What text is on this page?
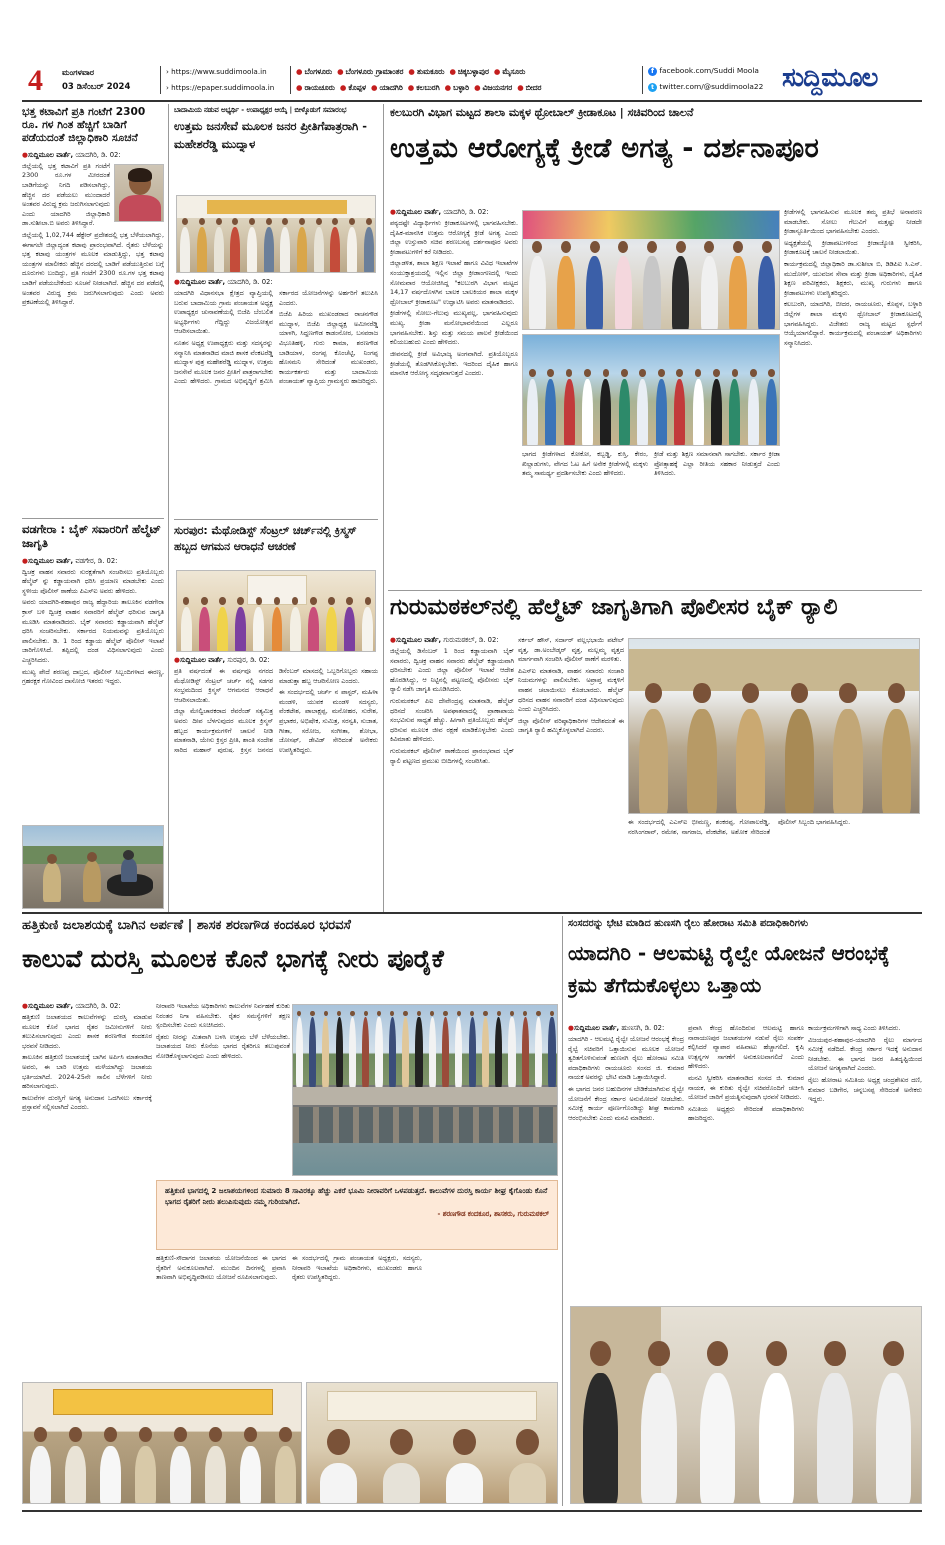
4 ಮಂಗಳವಾರ
03 ಡಿಸೆಂಬರ್ 2024
› https://www.suddimoola.in
› https://epaper.suddimoola.in
● ಬೆಂಗಳೂರು ● ಬೆಂಗಳೂರು ಗ್ರಾಮಾಂತರ ● ತುಮಕೂರು ● ಚಿಕ್ಕಬಳ್ಳಾಪುರ ● ಮೈಸೂರು
● ರಾಯಚೂರು ● ಕೊಪ್ಪಳ ● ಯಾದಗಿರಿ ● ಕಲಬುರಗಿ ● ಬಳ್ಳಾರಿ ● ವಿಜಯನಗರ ● ಬೀದರ
f facebook.com/Suddi Moola
t twitter.com/@suddimoola22 ಸುದ್ದಿಮೂಲ
ಭತ್ತ ಕಟಾವಿಗೆ ಪ್ರತಿ ಗಂಟೆಗೆ 2300 ರೂ. ಗಳ ಗಿಂತ ಹೆಚ್ಚಿಗೆ ಬಾಡಿಗೆ ಪಡೆಯದಂತೆ ಜಿಲ್ಲಾಧಿಕಾರಿ ಸೂಚನೆ
●ಸುದ್ದಿಮೂಲ ವಾರ್ತೆ, ಯಾದಗಿರಿ, ಡಿ. 02:

ಜಿಲ್ಲೆಯಲ್ಲಿ ಭತ್ತ ಕಟಾವಿಗೆ ಪ್ರತಿ ಗಂಟೆಗೆ 2300 ರೂ.ಗಳ ಮೀರದಂತೆ ಬಾಡಿಗೆಯನ್ನು ನಿಗದಿ ಪಡಿಸಲಾಗಿದ್ದು, ಹೆಚ್ಚಿನ ದರ ಪಡೆಯಲು ಮುಂದಾದರೆ ಅಂತವರ ವಿರುದ್ಧ ಕ್ರಮ ಜರುಗಿಸಲಾಗುವುದು ಎಂದು ಯಾದಗಿರಿ ಜಿಲ್ಲಾಧಿಕಾರಿ ಡಾ.ಸುಶೀಲಾ.ಬಿ ಅವರು ತಿಳಿಸಿದ್ದಾರೆ.

ಜಿಲ್ಲೆಯಲ್ಲಿ 1,02,744 ಹೆಕ್ಟೇರ್ ಪ್ರದೇಶದಲ್ಲಿ ಭತ್ತ ಬೆಳೆಯಲಾಗಿದ್ದು, ಈಗಾಗಲೇ ಜಿಲ್ಲಾದ್ಯಂತ ಕಟಾವು ಪ್ರಾರಂಭವಾಗಿದೆ. ರೈತರು ಬೆಳೆಯನ್ನು ಭತ್ತ ಕಟಾವು ಯಂತ್ರಗಳ ಮೂಲಕ ಮಾಡುತ್ತಿದ್ದು, ಭತ್ತ ಕಟಾವು ಯಂತ್ರಗಳ ಮಾಲೀಕರು ಹೆಚ್ಚಿನ ದರದಲ್ಲಿ ಬಾಡಿಗೆ ಪಡೆಯುತ್ತಿರುವ ಬಗ್ಗೆ ದೂರುಗಳು ಬಂದಿದ್ದು, ಪ್ರತಿ ಗಂಟೆಗೆ 2300 ರೂ.ಗಳ ಭತ್ತ ಕಟಾವು ಬಾಡಿಗೆ ಪಡೆಯಬೇಕೆಂದು ಸೂಚನೆ ನೀಡಲಾಗಿದೆ. ಹೆಚ್ಚಿನ ದರ ಪಡೆದಲ್ಲಿ ಅಂತವರ ವಿರುದ್ಧ ಕ್ರಮ ಜರುಗಿಸಲಾಗುವುದು ಎಂದು ಅವರು ಪ್ರಕಟಣೆಯಲ್ಲಿ ತಿಳಿಸಿದ್ದಾರೆ.

ವಡಗೇರಾ : ಬೈಕ್ ಸವಾರರಿಗೆ ಹೆಲ್ಮೆಟ್ ಜಾಗೃತಿ
●ಸುದ್ದಿಮೂಲ ವಾರ್ತೆ, ವಡಗೇರ, ಡಿ. 02:

ದ್ವಿಚಕ್ರ ವಾಹನ ಸವಾರರು ಸುರಕ್ಷತೆಗಾಗಿ ಸಂಚರಿಸಲು ಪ್ರತಿಯೊಬ್ಬರು ಹೆಲ್ಮೆಟ್ ನ್ನು ಕಡ್ಡಾಯವಾಗಿ ಧರಿಸಿ ಪ್ರಯಾಣ ಮಾಡಬೇಕು ಎಂದು ಸ್ಥಳೀಯ ಪೊಲೀಸ್ ಠಾಣೆಯ ಪಿಎಸ್ಐ ಅವರು ಹೇಳಿದರು.

ಅವರು ಯಾದಗಿರಿ-ಶಹಾಪುರ ರಾಜ್ಯ ಹೆದ್ದಾರಿಯ ತಾಲೂಕಿನ ವಡಗೇರಾ ಕ್ರಾಸ್ ಬಳಿ ದ್ವಿಚಕ್ರ ವಾಹನ ಸವಾರರಿಗೆ ಹೆಲ್ಮೆಟ್ ಧರಿಸುವ ಜಾಗೃತಿ ಮೂಡಿಸಿ ಮಾತನಾಡಿದರು. ಬೈಕ್ ಸವಾರರು ಕಡ್ಡಾಯವಾಗಿ ಹೆಲ್ಮೆಟ್ ಧರಿಸಿ ಸಂಚರಿಸಬೇಕು. ಸರ್ಕಾರದ ನಿಯಮವನ್ನು ಪ್ರತಿಯೊಬ್ಬರು ಪಾಲಿಸಬೇಕು. ಡಿ. 1 ರಿಂದ ಕಡ್ಡಾಯ ಹೆಲ್ಮೆಟ್ ಪೊಲೀಸ್ ಇಲಾಖೆ ಜಾರಿಗೊಳಿಸಿದೆ. ತಪ್ಪಿದಲ್ಲಿ ದಂಡ ವಿಧಿಸಲಾಗುವುದು ಎಂದು ಎಚ್ಚರಿಸಿದರು.

ಮುಖ್ಯ ಪೇದೆ ಶರಣಪ್ಪ ದಾಬ್ರದ, ಪೊಲೀಸ್ ಸಿಬ್ಬಂದಿಗಳಾದ ಈರಣ್ಣ, ಗ್ರಹರಕ್ಷಕ ಗೋವಿಂದ ದಾಸೋಜಿ ಇತರರು ಇದ್ದರು.

ಬಾದಾಮಿಯ ನಡುವ ಅಭ್ಯರ್ಥಿ - ಉಪಾಧ್ಯಕ್ಷರ ಆಯ್ಕೆ | ಬೀಳ್ಕೊಡುಗೆ ಸಮಾರಂಭ
ಉತ್ತಮ ಜನಸೇವೆ ಮೂಲಕ ಜನರ ಪ್ರೀತಿಗೆಪಾತ್ರರಾಗಿ - ಮಹೇಶರೆಡ್ಡಿ ಮುದ್ನಾಳ
●ಸುದ್ದಿಮೂಲ ವಾರ್ತೆ, ಯಾದಗಿರಿ, ಡಿ. 02:

ಯಾದಗಿರಿ ವಿಧಾನಸಭಾ ಕ್ಷೇತ್ರದ ವ್ಯಾಪ್ತಿಯಲ್ಲಿ ಬರುವ ಬಾದಾಮಿಯ ಗ್ರಾಮ ಪಂಚಾಯತ ಅಧ್ಯಕ್ಷ ಉಪಾಧ್ಯಕ್ಷರ ಚುನಾವಣೆಯಲ್ಲಿ ಬಿಜೆಪಿ ಬೆಂಬಲಿತ ಅಭ್ಯರ್ಥಿಗಳು ಗೆದ್ದಿದ್ದು ವಿಜಯೋತ್ಸವ ಆಚರಿಸಲಾಯಿತು.

ನೂತನ ಅಧ್ಯಕ್ಷ ಉಪಾಧ್ಯಕ್ಷರು ಮತ್ತು ಸದಸ್ಯರನ್ನು ಸನ್ಮಾನಿಸಿ ಮಾತನಾಡಿದ ಮಾಜಿ ಶಾಸಕ ವೆಂಕಟರೆಡ್ಡಿ ಮುದ್ನಾಳ ಪುತ್ರ ಮಹೇಶರೆಡ್ಡಿ ಮುದ್ನಾಳ, ಉತ್ತಮ ಜನಸೇವೆ ಮೂಲಕ ಜನರ ಪ್ರೀತಿಗೆ ಪಾತ್ರರಾಗಬೇಕು ಎಂದು ಹೇಳಿದರು. ಗ್ರಾಮದ ಅಭಿವೃದ್ಧಿಗೆ ಶ್ರಮಿಸಿ ಸರ್ಕಾರದ ಯೋಜನೆಗಳನ್ನು ಅರ್ಹರಿಗೆ ತಲುಪಿಸಿ ಎಂದರು.

ಬಿಜೆಪಿ ಹಿರಿಯ ಮುಖಂಡರಾದ ರಾಚನಗೌಡ ಮುದ್ನಾಳ, ಬಿಜೆಪಿ ಜಿಲ್ಲಾಧ್ಯಕ್ಷ ಅಮೀನರೆಡ್ಡಿ ಯಾಳಗಿ, ಸಿದ್ದಣಗೌಡ ಕಾಡಂನೋರ, ಬಸವರಾಜ ವಿಭೂತಿಹಳ್ಳಿ, ಗುರು ಕಾಮಾ, ಶರಣಗೌಡ ಬಾಡಿಯಾಳ, ರಂಗಪ್ಪ ಕೊಂಚೆಟ್ಟಿ, ನಿಂಗಪ್ಪ ಹೊಸಮನಿ ಸೇರಿದಂತೆ ಮುಖಂಡರು, ಕಾರ್ಯಕರ್ತರು ಮತ್ತು ಬಾದಾಮಿಯ ಪಂಚಾಯತ್ ವ್ಯಾಪ್ತಿಯ ಗ್ರಾಮಸ್ಥರು ಹಾಜರಿದ್ದರು.

ಸುರಪುರ: ಮೆಥೋಡಿಸ್ಟ್ ಸೆಂಟ್ರಲ್ ಚರ್ಚ್‌ನಲ್ಲಿ ಕ್ರಿಸ್ಮಸ್ ಹಬ್ಬದ ಆಗಮನ ಆರಾಧನೆ ಆಚರಣೆ
●ಸುದ್ದಿಮೂಲ ವಾರ್ತೆ, ಸುರಪುರ, ಡಿ. 02:

ಪ್ರತಿ ವರ್ಷದಂತೆ ಈ ವರ್ಷವೂ ನಗರದ ಮೆಥೋಡಿಸ್ಟ್ ಸೆಂಟ್ರಲ್ ಚರ್ಚ್ ನಲ್ಲಿ ಸಡಗರ ಸಂಭ್ರಮದಿಂದ ಕ್ರಿಸ್ಮಸ್ ಆಗಮನದ ಆರಾಧನೆ ಆಚರಿಸಲಾಯಿತು.

ಜಿಲ್ಲಾ ಮೇಲ್ವಿಚಾರಕರಾದ ರೆವರೆಂಡ್ ಸತ್ಯಮಿತ್ರ ಅವರು ದೀಪ ಬೆಳಗುವುದರ ಮೂಲಕ ಕ್ರಿಸ್ಮಸ್ ಹಬ್ಬದ ಕಾರ್ಯಕ್ರಮಗಳಿಗೆ ಚಾಲನೆ ನೀಡಿ ಮಾತನಾಡಿ, ಯೇಸು ಕ್ರಿಸ್ತರ ಪ್ರೀತಿ, ಶಾಂತಿ ಸಂದೇಶ ಸಾರಿದ ಮಹಾನ್ ಪುರುಷ. ಕ್ರಿಸ್ತನ ಜನನದ ಡಿಸೆಂಬರ್ ಮಾಸದಲ್ಲಿ ಒಬ್ಬರಿಗೊಬ್ಬರು ಸಹಾಯ ಮಾಡುತ್ತಾ ಹಬ್ಬ ಆಚರಿಸೋಣ ಎಂದರು.

ಈ ಸಂದರ್ಭದಲ್ಲಿ ಚರ್ಚ್ ನ ಪಾಸ್ಟರ್, ಮಹಿಳಾ ಮಂಡಳಿ, ಯುವಕ ಮಂಡಳಿ ಸದಸ್ಯರು, ವೆಂಕಟೇಶ, ಪಾಲಾಕ್ಷಪ್ಪ, ಮನೋಹರ, ಸುರೇಶ, ಪ್ರಭಾಕರ, ಅಭಿಷೇಕ, ಸುಮಿತ್ರ, ಸರಸ್ವತಿ, ಸುಜಾತ, ಗೀತಾ, ಸರೋಜ, ಸಂಗೀತಾ, ಶೋಭಾ, ಜೋಸಫ್, ಡೇವಿಡ್ ಸೇರಿದಂತೆ ಅನೇಕರು ಉಪಸ್ಥಿತರಿದ್ದರು.

ಕಲಬುರಗಿ ವಿಭಾಗ ಮಟ್ಟದ ಶಾಲಾ ಮಕ್ಕಳ ಥ್ರೋಬಾಲ್ ಕ್ರೀಡಾಕೂಟ | ಸಚಿವರಿಂದ ಚಾಲನೆ
ಉತ್ತಮ ಆರೋಗ್ಯಕ್ಕೆ ಕ್ರೀಡೆ ಅಗತ್ಯ - ದರ್ಶನಾಪೂರ
●ಸುದ್ದಿಮೂಲ ವಾರ್ತೆ, ಯಾದಗಿರಿ, ಡಿ. 02:

ಪಠ್ಯದಷ್ಟೇ ವಿದ್ಯಾರ್ಥಿಗಳು ಕ್ರೀಡಾಕೂಟಗಳಲ್ಲಿ ಭಾಗವಹಿಸಬೇಕು. ದೈಹಿಕ-ಮಾನಸಿಕ ಉತ್ತಮ ಆರೋಗ್ಯಕ್ಕೆ ಕ್ರೀಡೆ ಅಗತ್ಯ ಎಂದು ಜಿಲ್ಲಾ ಉಸ್ತುವಾರಿ ಸಚಿವ ಶರಣಬಸಪ್ಪ ದರ್ಶನಾಪೂರ ಅವರು ಕ್ರೀಡಾಪಟುಗಳಿಗೆ ಕರೆ ನೀಡಿದರು.

ಜಿಲ್ಲಾಡಳಿತ, ಶಾಲಾ ಶಿಕ್ಷಣ ಇಲಾಖೆ ಹಾಗೂ ವಿವಿಧ ಇಲಾಖೆಗಳ ಸಂಯುಕ್ತಾಶ್ರಯದಲ್ಲಿ ಇಲ್ಲಿನ ಜಿಲ್ಲಾ ಕ್ರೀಡಾಂಗಣದಲ್ಲಿ ಇಂದು ಸೋಮವಾರ ಆಯೋಜಿಸಿದ್ದ "ಕಲಬುರಗಿ ವಿಭಾಗ ಮಟ್ಟದ 14,17 ವರ್ಷದೊಳಗಿನ ಬಾಲಕ ಬಾಲಕಿಯರ ಶಾಲಾ ಮಕ್ಕಳ ಥ್ರೋಬಾಲ್ ಕ್ರೀಡಾಕೂಟ" ಉದ್ಘಾಟಿಸಿ ಅವರು ಮಾತನಾಡಿದರು.

ಕ್ರೀಡೆಗಳಲ್ಲಿ ಸೋಲು-ಗೆಲುವು ಮುಖ್ಯವಲ್ಲ, ಭಾಗವಹಿಸುವುದು ಮುಖ್ಯ. ಕ್ರೀಡಾ ಮನೋಭಾವನೆಯಿಂದ ಎಲ್ಲರೂ ಭಾಗವಹಿಸಬೇಕು. ಶಿಸ್ತು ಮತ್ತು ಸಮಯ ಪಾಲನೆ ಕ್ರೀಡೆಯಿಂದ ಕಲಿಯಬಹುದು ಎಂದು ಹೇಳಿದರು.

ಜೀವನದಲ್ಲಿ ಕ್ರೀಡೆ ಅವಿಭಾಜ್ಯ ಅಂಗವಾಗಿದೆ. ಪ್ರತಿಯೊಬ್ಬರೂ ಕ್ರೀಡೆಯಲ್ಲಿ ತೊಡಗಿಸಿಕೊಳ್ಳಬೇಕು. ಇದರಿಂದ ದೈಹಿಕ ಹಾಗೂ ಮಾನಸಿಕ ಆರೋಗ್ಯ ಸದೃಢವಾಗುತ್ತದೆ ಎಂದರು.

ಭಾಗದ ಕ್ರೀಡೆಗಳಾದ ಕೋಕೋ, ಕಬ್ಬಡ್ಡಿ, ಕುಸ್ತಿ, ಕೇರಂ, ಖಿಲ್ಲಾಡುಗಳು, ವೇಗದ ಓಟ ಹಿಗೆ ಅನೇಕ ಕ್ರೀಡೆಗಳಲ್ಲಿ ಮಕ್ಕಳು ತಮ್ಮ ಸಾಮರ್ಥ್ಯ ಪ್ರದರ್ಶಿಸಬೇಕು ಎಂದು ಹೇಳಿದರು.

ಕ್ರೀಡೆ ಮತ್ತು ಶಿಕ್ಷಣ ಸಮಾನವಾಗಿ ಸಾಗಬೇಕು. ಸರ್ಕಾರ ಕ್ರೀಡಾ ಪ್ರೋತ್ಸಾಹಕ್ಕೆ ಎಲ್ಲಾ ರೀತಿಯ ಸಹಕಾರ ನೀಡುತ್ತದೆ ಎಂದು ತಿಳಿಸಿದರು.

ಕ್ರೀಡೆಗಳಲ್ಲಿ ಭಾಗವಹಿಸುವ ಮೂಲಕ ತಮ್ಮ ಪ್ರತಿಭೆ ಅನಾವರಣ ಮಾಡಬೇಕು. ಸೋಲು ಗೆಲುವಿಗೆ ಮತ್ತಷ್ಟು ನೀಡದೇ ಕ್ರೀಡಾಸ್ಫೂರ್ತಿಯಿಂದ ಭಾಗವಹಿಸಬೇಕು ಎಂದರು.

ಅಧ್ಯಕ್ಷತೆಯಲ್ಲಿ ಕ್ರೀಡಾಪಟುಗಳಿಂದ ಕ್ರೀಡಾಜ್ಯೋತಿ ಸ್ವೀಕರಿಸಿ, ಕ್ರೀಡಾಕೂಟಕ್ಕೆ ಚಾಲನೆ ನೀಡಲಾಯಿತು.

ಕಾರ್ಯಕ್ರಮದಲ್ಲಿ ಜಿಲ್ಲಾಧಿಕಾರಿ ಡಾ.ಸುಶೀಲಾ ಬಿ, ಡಿಡಿಪಿಐ ಸಿ.ಎಸ್. ಮುದೋಳ್, ಯುವಜನ ಸೇವಾ ಮತ್ತು ಕ್ರೀಡಾ ಅಧಿಕಾರಿಗಳು, ದೈಹಿಕ ಶಿಕ್ಷಣ ಪರಿವೀಕ್ಷಕರು, ಶಿಕ್ಷಕರು, ಮುಖ್ಯ ಗುರುಗಳು ಹಾಗೂ ಕ್ರೀಡಾಪಟುಗಳು ಉಪಸ್ಥಿತರಿದ್ದರು.

ಕಲಬುರಗಿ, ಯಾದಗಿರಿ, ಬೀದರ, ರಾಯಚೂರು, ಕೊಪ್ಪಳ, ಬಳ್ಳಾರಿ ಜಿಲ್ಲೆಗಳ ಶಾಲಾ ಮಕ್ಕಳು ಥ್ರೋಬಾಲ್ ಕ್ರೀಡಾಕೂಟದಲ್ಲಿ ಭಾಗವಹಿಸಿದ್ದರು. ವಿಜೇತರು ರಾಜ್ಯ ಮಟ್ಟದ ಸ್ಪರ್ಧೆಗೆ ಆಯ್ಕೆಯಾಗಲಿದ್ದಾರೆ. ಕಾರ್ಯಕ್ರಮದಲ್ಲಿ ಪಂಚಾಯತ್ ಅಧಿಕಾರಿಗಳು ಸನ್ಮಾನಿಸಿದರು.

ಗುರುಮಠಕಲ್‌ನಲ್ಲಿ ಹೆಲ್ಮೆಟ್ ಜಾಗೃತಿಗಾಗಿ ಪೊಲೀಸರ ಬೈಕ್ ರ‍್ಯಾಲಿ
●ಸುದ್ದಿಮೂಲ ವಾರ್ತೆ, ಗುರುಮಠಕಲ್, ಡಿ. 02:

ಜಿಲ್ಲೆಯಲ್ಲಿ ಡಿಸೆಂಬರ್ 1 ರಿಂದ ಕಡ್ಡಾಯವಾಗಿ ಬೈಕ್ ಸವಾರರು, ದ್ವಿಚಕ್ರ ವಾಹನ ಸವಾರರು ಹೆಲ್ಮೆಟ್ ಕಡ್ಡಾಯವಾಗಿ ಧರಿಸಬೇಕು ಎಂದು ಜಿಲ್ಲಾ ಪೊಲೀಸ್ ಇಲಾಖೆ ಆದೇಶ ಹೊರಡಿಸಿದ್ದು, ಆ ನಿಟ್ಟಿನಲ್ಲಿ ಪಟ್ಟಣದಲ್ಲಿ ಪೊಲೀಸರು ಬೈಕ್ ರ‍್ಯಾಲಿ ನಡೆಸಿ ಜಾಗೃತಿ ಮೂಡಿಸಿದರು.

ಗುರುಮಠಕಲ್ ಪಿಐ ದೇವೇಂದ್ರಪ್ಪ ಮಾತನಾಡಿ, ಹೆಲ್ಮೆಟ್ ಧರಿಸದೆ ಸಂಚರಿಸಿ ಅಪಘಾತವಾದಲ್ಲಿ ಪ್ರಾಣಾಪಾಯ ಸಂಭವಿಸುವ ಸಾಧ್ಯತೆ ಹೆಚ್ಚು. ಹೀಗಾಗಿ ಪ್ರತಿಯೊಬ್ಬರು ಹೆಲ್ಮೆಟ್ ಧರಿಸುವ ಮೂಲಕ ಜೀವ ರಕ್ಷಣೆ ಮಾಡಿಕೊಳ್ಳಬೇಕು ಎಂದು ಕಿವಿಮಾತು ಹೇಳಿದರು.

ಗುರುಮಠಕಲ್ ಪೊಲೀಸ್ ಠಾಣೆಯಿಂದ ಪ್ರಾರಂಭವಾದ ಬೈಕ್ ರ‍್ಯಾಲಿ ಪಟ್ಟಣದ ಪ್ರಮುಖ ಬೀದಿಗಳಲ್ಲಿ ಸಂಚರಿಸಿತು.

ಸರ್ಕಲ್ ಹೌಸ್, ಸರ್ದಾರ್ ವಲ್ಲಭಭಾಯಿ ಪಟೇಲ್ ವೃತ್ತ, ಡಾ.ಅಂಬೇಡ್ಕರ್ ವೃತ್ತ, ಮಲ್ಲಮ್ಮ ವೃತ್ತದ ಮಾರ್ಗವಾಗಿ ಸಂಚರಿಸಿ ಪೊಲೀಸ್ ಠಾಣೆಗೆ ಮರಳಿತು.

ಪಿಎಸ್ಐ ಮಾತನಾಡಿ, ವಾಹನ ಸವಾರರು ಸಂಚಾರಿ ನಿಯಮಗಳನ್ನು ಪಾಲಿಸಬೇಕು. ಅಪ್ರಾಪ್ತ ಮಕ್ಕಳಿಗೆ ವಾಹನ ಚಲಾಯಿಸಲು ಕೊಡಬಾರದು. ಹೆಲ್ಮೆಟ್ ಧರಿಸದ ವಾಹನ ಸವಾರರಿಗೆ ದಂಡ ವಿಧಿಸಲಾಗುವುದು ಎಂದು ಎಚ್ಚರಿಸಿದರು.

ಜಿಲ್ಲಾ ಪೊಲೀಸ್ ವರಿಷ್ಠಾಧಿಕಾರಿಗಳ ಆದೇಶದಂತೆ ಈ ಜಾಗೃತಿ ರ‍್ಯಾಲಿ ಹಮ್ಮಿಕೊಳ್ಳಲಾಗಿದೆ ಎಂದರು.

ಈ ಸಂದರ್ಭದಲ್ಲಿ ಎಎಸ್ಐ ಭೀಮಣ್ಣ, ಶಂಕರಪ್ಪ, ಗೋಪಾಲರೆಡ್ಡಿ, ನರಸಿಂಗರಾವ್, ರಮೇಶ, ನಾಗರಾಜ, ವೆಂಕಟೇಶ, ಅಶೋಕ ಸೇರಿದಂತೆ ಪೊಲೀಸ್ ಸಿಬ್ಬಂದಿ ಭಾಗವಹಿಸಿದ್ದರು.

ಹತ್ತಿಕುಣಿ ಜಲಾಶಯಕ್ಕೆ ಬಾಗಿನ ಅರ್ಪಣೆ | ಶಾಸಕ ಶರಣಗೌಡ ಕಂದಕೂರ ಭರವಸೆ
ಕಾಲುವೆ ದುರಸ್ತಿ ಮೂಲಕ ಕೊನೆ ಭಾಗಕ್ಕೆ ನೀರು ಪೂರೈಕೆ
●ಸುದ್ದಿಮೂಲ ವಾರ್ತೆ, ಯಾದಗಿರಿ, ಡಿ. 02:

ಹತ್ತಿಕುಣಿ ಜಲಾಶಯದ ಕಾಲುವೆಗಳನ್ನು ದುರಸ್ತಿ ಮಾಡುವ ಮೂಲಕ ಕೊನೆ ಭಾಗದ ರೈತರ ಜಮೀನುಗಳಿಗೆ ನೀರು ತಲುಪಿಸಲಾಗುವುದು ಎಂದು ಶಾಸಕ ಶರಣಗೌಡ ಕಂದಕೂರ ಭರವಸೆ ನೀಡಿದರು.

ತಾಲೂಕಿನ ಹತ್ತಿಕುಣಿ ಜಲಾಶಯಕ್ಕೆ ಬಾಗಿನ ಅರ್ಪಿಸಿ ಮಾತನಾಡಿದ ಅವರು, ಈ ಬಾರಿ ಉತ್ತಮ ಮಳೆಯಾಗಿದ್ದು ಜಲಾಶಯ ಭರ್ತಿಯಾಗಿದೆ. 2024-25ನೇ ಸಾಲಿನ ಬೆಳೆಗಳಿಗೆ ನೀರು ಹರಿಸಲಾಗುವುದು.

ಕಾಲುವೆಗಳ ದುರಸ್ತಿಗೆ ಅಗತ್ಯ ಅನುದಾನ ಒದಗಿಸಲು ಸರ್ಕಾರಕ್ಕೆ ಪ್ರಸ್ತಾವನೆ ಸಲ್ಲಿಸಲಾಗಿದೆ ಎಂದರು.

ನೀರಾವರಿ ಇಲಾಖೆಯ ಅಧಿಕಾರಿಗಳು ಕಾಲುವೆಗಳ ನಿರ್ವಹಣೆ ಕುರಿತು ನಿರಂತರ ನಿಗಾ ವಹಿಸಬೇಕು. ರೈತರ ಸಮಸ್ಯೆಗಳಿಗೆ ತಕ್ಷಣ ಸ್ಪಂದಿಸಬೇಕು ಎಂದು ಸೂಚಿಸಿದರು.

ರೈತರು ನೀರನ್ನು ಮಿತವಾಗಿ ಬಳಸಿ ಉತ್ತಮ ಬೆಳೆ ಬೆಳೆಯಬೇಕು. ಜಲಾಶಯದ ನೀರು ಕೊನೆಯ ಭಾಗದ ರೈತರಿಗೂ ತಲುಪುವಂತೆ ನೋಡಿಕೊಳ್ಳಲಾಗುವುದು ಎಂದು ಹೇಳಿದರು.

ಹತ್ತಿಕುಣಿ ಭಾಗದಲ್ಲಿ 2 ಜಲಾಶಯಗಳಿಂದ ಸುಮಾರು 8 ಸಾವಿರಕ್ಕೂ ಹೆಚ್ಚು ಎಕರೆ ಭೂಮಿ ನೀರಾವರಿಗೆ ಒಳಪಡುತ್ತದೆ. ಕಾಲುವೆಗಳ ದುರಸ್ತಿ ಕಾರ್ಯ ಶೀಘ್ರ ಕೈಗೊಂಡು ಕೊನೆ ಭಾಗದ ರೈತರಿಗೆ ನೀರು ತಲುಪಿಸುವುದು ನಮ್ಮ ಗುರಿಯಾಗಿದೆ.
- ಶರಣಗೌಡ ಕಂದಕೂರ, ಶಾಸಕರು, ಗುರುಮಠಕಲ್

ಹತ್ತಿಕುಣಿ-ಸೌದಾಗರ ಜಲಾಶಯ ಯೋಜನೆಯಿಂದ ಈ ಭಾಗದ ರೈತರಿಗೆ ಅನುಕೂಲವಾಗಿದೆ. ಮುಂದಿನ ದಿನಗಳಲ್ಲಿ ಪ್ರವಾಸಿ ತಾಣವಾಗಿ ಅಭಿವೃದ್ಧಿಪಡಿಸಲು ಯೋಜನೆ ರೂಪಿಸಲಾಗುವುದು.

ಈ ಸಂದರ್ಭದಲ್ಲಿ ಗ್ರಾಮ ಪಂಚಾಯತ ಅಧ್ಯಕ್ಷರು, ಸದಸ್ಯರು, ನೀರಾವರಿ ಇಲಾಖೆಯ ಅಧಿಕಾರಿಗಳು, ಮುಖಂಡರು ಹಾಗೂ ರೈತರು ಉಪಸ್ಥಿತರಿದ್ದರು.

ಸಂಸದರನ್ನು ಭೇಟಿ ಮಾಡಿದ ಹುಣಸಗಿ ರೈಲು ಹೋರಾಟ ಸಮಿತಿ ಪದಾಧಿಕಾರಿಗಳು
ಯಾದಗಿರಿ - ಆಲಮಟ್ಟಿ ರೈಲ್ವೇ ಯೋಜನೆ ಆರಂಭಕ್ಕೆ ಕ್ರಮ ತೆಗೆದುಕೊಳ್ಳಲು ಒತ್ತಾಯ
●ಸುದ್ದಿಮೂಲ ವಾರ್ತೆ, ಹುಣಸಗಿ, ಡಿ. 02:

ಯಾದಗಿರಿ - ಆಲಮಟ್ಟಿ ರೈಲ್ವೇ ಯೋಜನೆ ಆರಂಭಕ್ಕೆ ಕೇಂದ್ರ ರೈಲ್ವೆ ಸಚಿವರಿಗೆ ಒತ್ತಾಯಿಸುವ ಮೂಲಕ ಯೋಜನೆ ತ್ವರಿತಗೊಳಿಸುವಂತೆ ಹುಣಸಗಿ ರೈಲು ಹೋರಾಟ ಸಮಿತಿ ಪದಾಧಿಕಾರಿಗಳು ರಾಯಚೂರು ಸಂಸದ ಜಿ. ಕುಮಾರ ನಾಯಕ ಅವರನ್ನು ಭೇಟಿ ಮಾಡಿ ಒತ್ತಾಯಿಸಿದ್ದಾರೆ.

ಈ ಭಾಗದ ಜನರ ಬಹುದಿನಗಳ ಬೇಡಿಕೆಯಾಗಿರುವ ರೈಲ್ವೇ ಯೋಜನೆಗೆ ಕೇಂದ್ರ ಸರ್ಕಾರ ಅನುಮೋದನೆ ನೀಡಬೇಕು. ಸಮೀಕ್ಷೆ ಕಾರ್ಯ ಪೂರ್ಣಗೊಂಡಿದ್ದು ಶೀಘ್ರ ಕಾಮಗಾರಿ ಆರಂಭಿಸಬೇಕು ಎಂದು ಮನವಿ ಮಾಡಿದರು.

ಪ್ರವಾಸಿ ಕೇಂದ್ರ ಹೊಂದಿರುವ ಆಲಮಟ್ಟಿ ಹಾಗೂ ನಾರಾಯಣಪುರ ಜಲಾಶಯಗಳ ನಡುವೆ ರೈಲು ಸಂಪರ್ಕ ಕಲ್ಪಿಸಿದರೆ ವ್ಯಾಪಾರ ವಹಿವಾಟು ಹೆಚ್ಚಾಗಲಿದೆ. ಕೃಷಿ ಉತ್ಪನ್ನಗಳ ಸಾಗಣೆಗೆ ಅನುಕೂಲವಾಗಲಿದೆ ಎಂದು ಹೇಳಿದರು.

ಮನವಿ ಸ್ವೀಕರಿಸಿ ಮಾತನಾಡಿದ ಸಂಸದ ಜಿ. ಕುಮಾರ ನಾಯಕ, ಈ ಕುರಿತು ರೈಲ್ವೇ ಸಚಿವರೊಂದಿಗೆ ಚರ್ಚಿಸಿ ಯೋಜನೆ ಜಾರಿಗೆ ಪ್ರಯತ್ನಿಸುವುದಾಗಿ ಭರವಸೆ ನೀಡಿದರು.

ಸಮಿತಿಯ ಅಧ್ಯಕ್ಷರು ಸೇರಿದಂತೆ ಪದಾಧಿಕಾರಿಗಳು ಹಾಜರಿದ್ದರು.

ಕಾರ್ಯಕ್ರಮಗಳಿಗಾಗಿ ಸಾಧ್ಯ ಎಂದು ತಿಳಿಸಿದರು.

ವಿಜಯಪುರ-ಶಹಾಪುರ-ಯಾದಗಿರಿ ರೈಲು ಮಾರ್ಗದ ಸಮೀಕ್ಷೆ ನಡೆದಿದೆ. ಕೇಂದ್ರ ಸರ್ಕಾರ ಇದಕ್ಕೆ ಅನುದಾನ ನೀಡಬೇಕು. ಈ ಭಾಗದ ಜನರ ಹಿತದೃಷ್ಟಿಯಿಂದ ಯೋಜನೆ ಅಗತ್ಯವಾಗಿದೆ ಎಂದರು.

ರೈಲು ಹೋರಾಟ ಸಮಿತಿಯ ಅಧ್ಯಕ್ಷ ಚಂದ್ರಶೇಖರ ದಣಿ, ಕುಮಾರ ಬಡಿಗೇರ, ಚನ್ನಬಸಪ್ಪ ಸೇರಿದಂತೆ ಅನೇಕರು ಇದ್ದರು.
